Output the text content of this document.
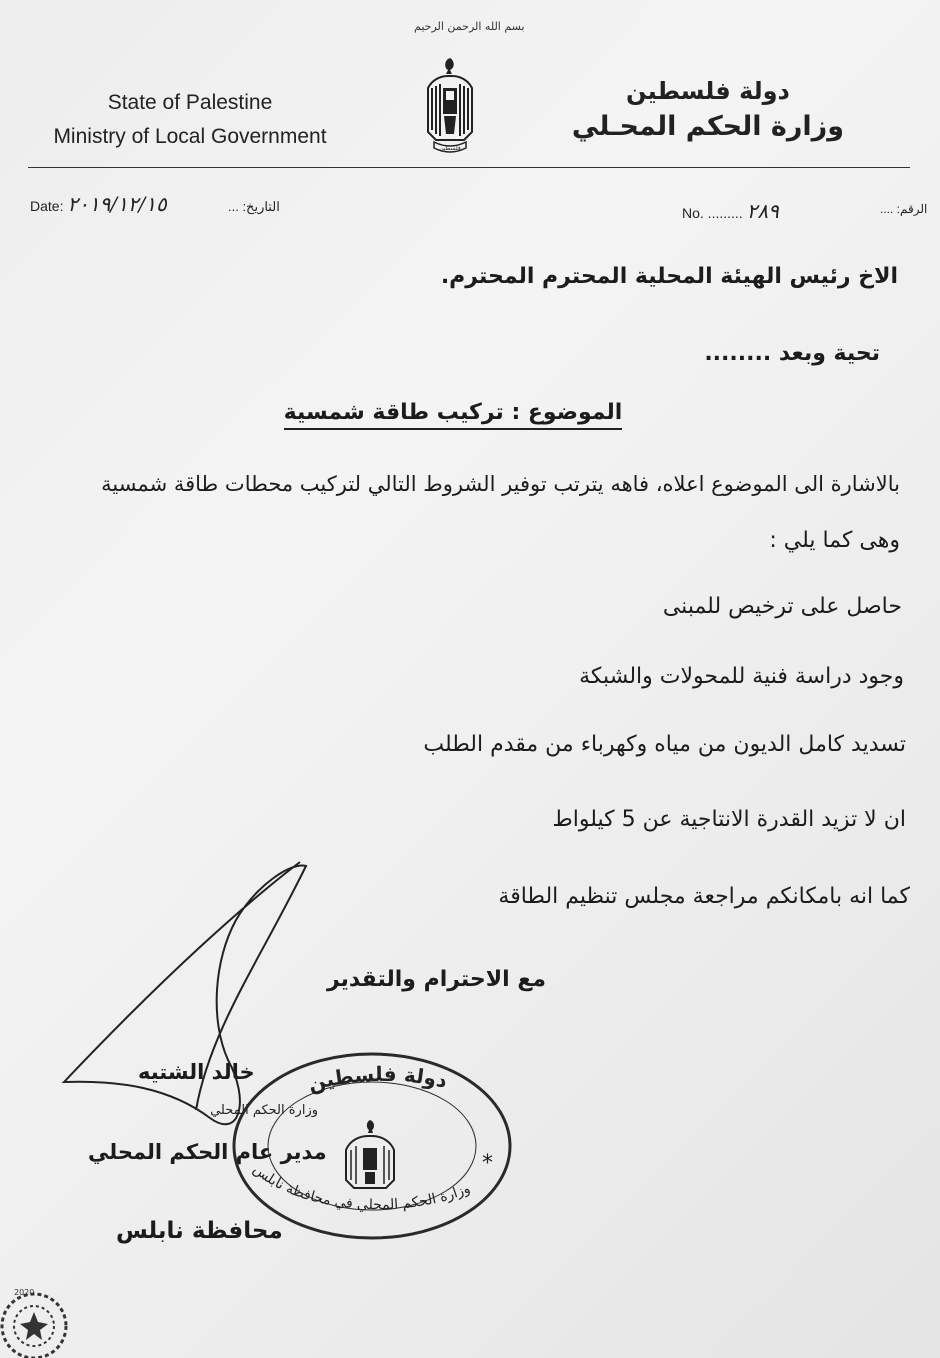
بسم الله الرحمن الرحيم
State of Palestine
Ministry of Local Government
فلسطين
دولة فلسطين
وزارة الحكم المحـلي
Date: ٢٠١٩/١٢/١٥	التاريخ: ...	No. ......... ٢٨٩	الرقم: ....
الاخ رئيس الهيئة المحلية المحترم المحترم.
تحية وبعد ........
الموضوع : تركيب طاقة شمسية
بالاشارة الى الموضوع اعلاه، فاهه يترتب توفير الشروط التالي لتركيب محطات طاقة شمسية
وهى كما يلي :
حاصل على ترخيص للمبنى
وجود دراسة فنية للمحولات والشبكة
تسديد كامل الديون من مياه وكهرباء من مقدم الطلب
ان لا تزيد القدرة الانتاجية عن 5 كيلواط
كما انه بامكانكم مراجعة مجلس تنظيم الطاقة
مع الاحترام والتقدير
خالد الشتيه
مدير عام الحكم المحلي
محافظة نابلس
دولة فلسطين
وزارة الحكم المحلي
وزارة الحكم المحلي في محافظة نابلس
*
2020
